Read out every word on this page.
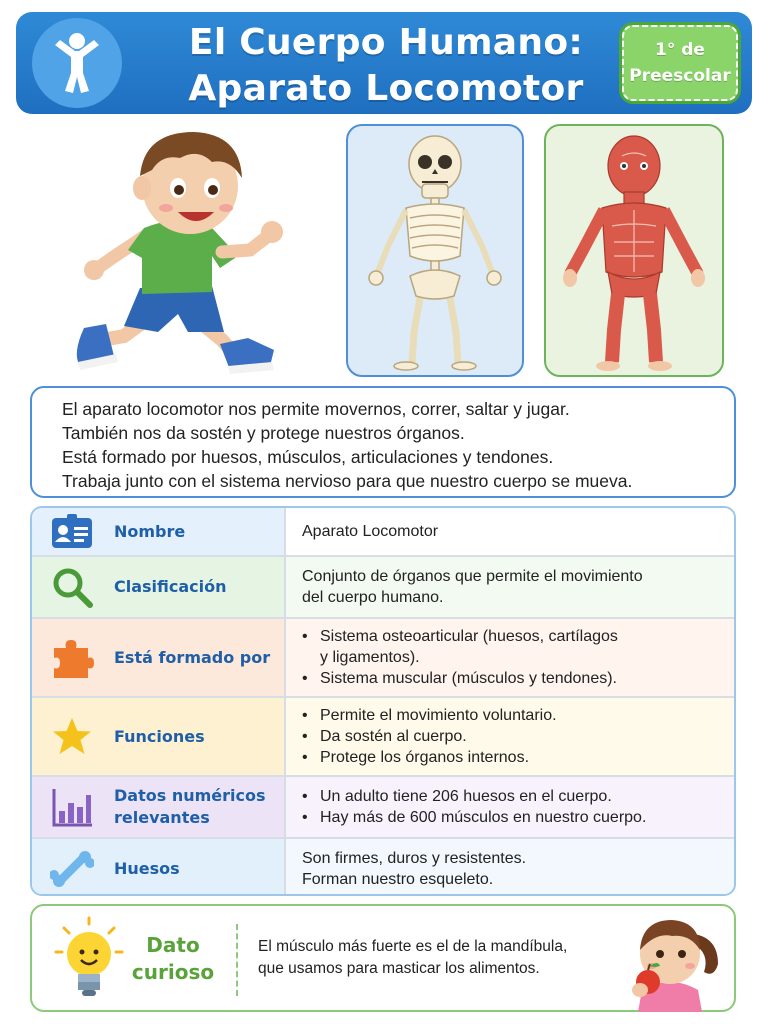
El Cuerpo Humano:
Aparato Locomotor
1° de
Preescolar

El aparato locomotor nos permite movernos, correr, saltar y jugar.

También nos da sostén y protege nuestros órganos.

Está formado por huesos, músculos, articulaciones y tendones.

Trabaja junto con el sistema nervioso para que nuestro cuerpo se mueva.

Nombre	Aparato Locomotor
Clasificación
Conjunto de órganos que permite el movimiento
del cuerpo humano.
Está formado por
• Sistema osteoarticular (huesos, cartílagos
y ligamentos).
• Sistema muscular (músculos y tendones).
Funciones
• Permite el movimiento voluntario.
• Da sostén al cuerpo.
• Protege los órganos internos.
Datos numéricos
relevantes
• Un adulto tiene 206 huesos en el cuerpo.
• Hay más de 600 músculos en nuestro cuerpo.
Huesos
Son firmes, duros y resistentes.
Forman nuestro esqueleto.
Dato
curioso
El músculo más fuerte es el de la mandíbula,
que usamos para masticar los alimentos.
